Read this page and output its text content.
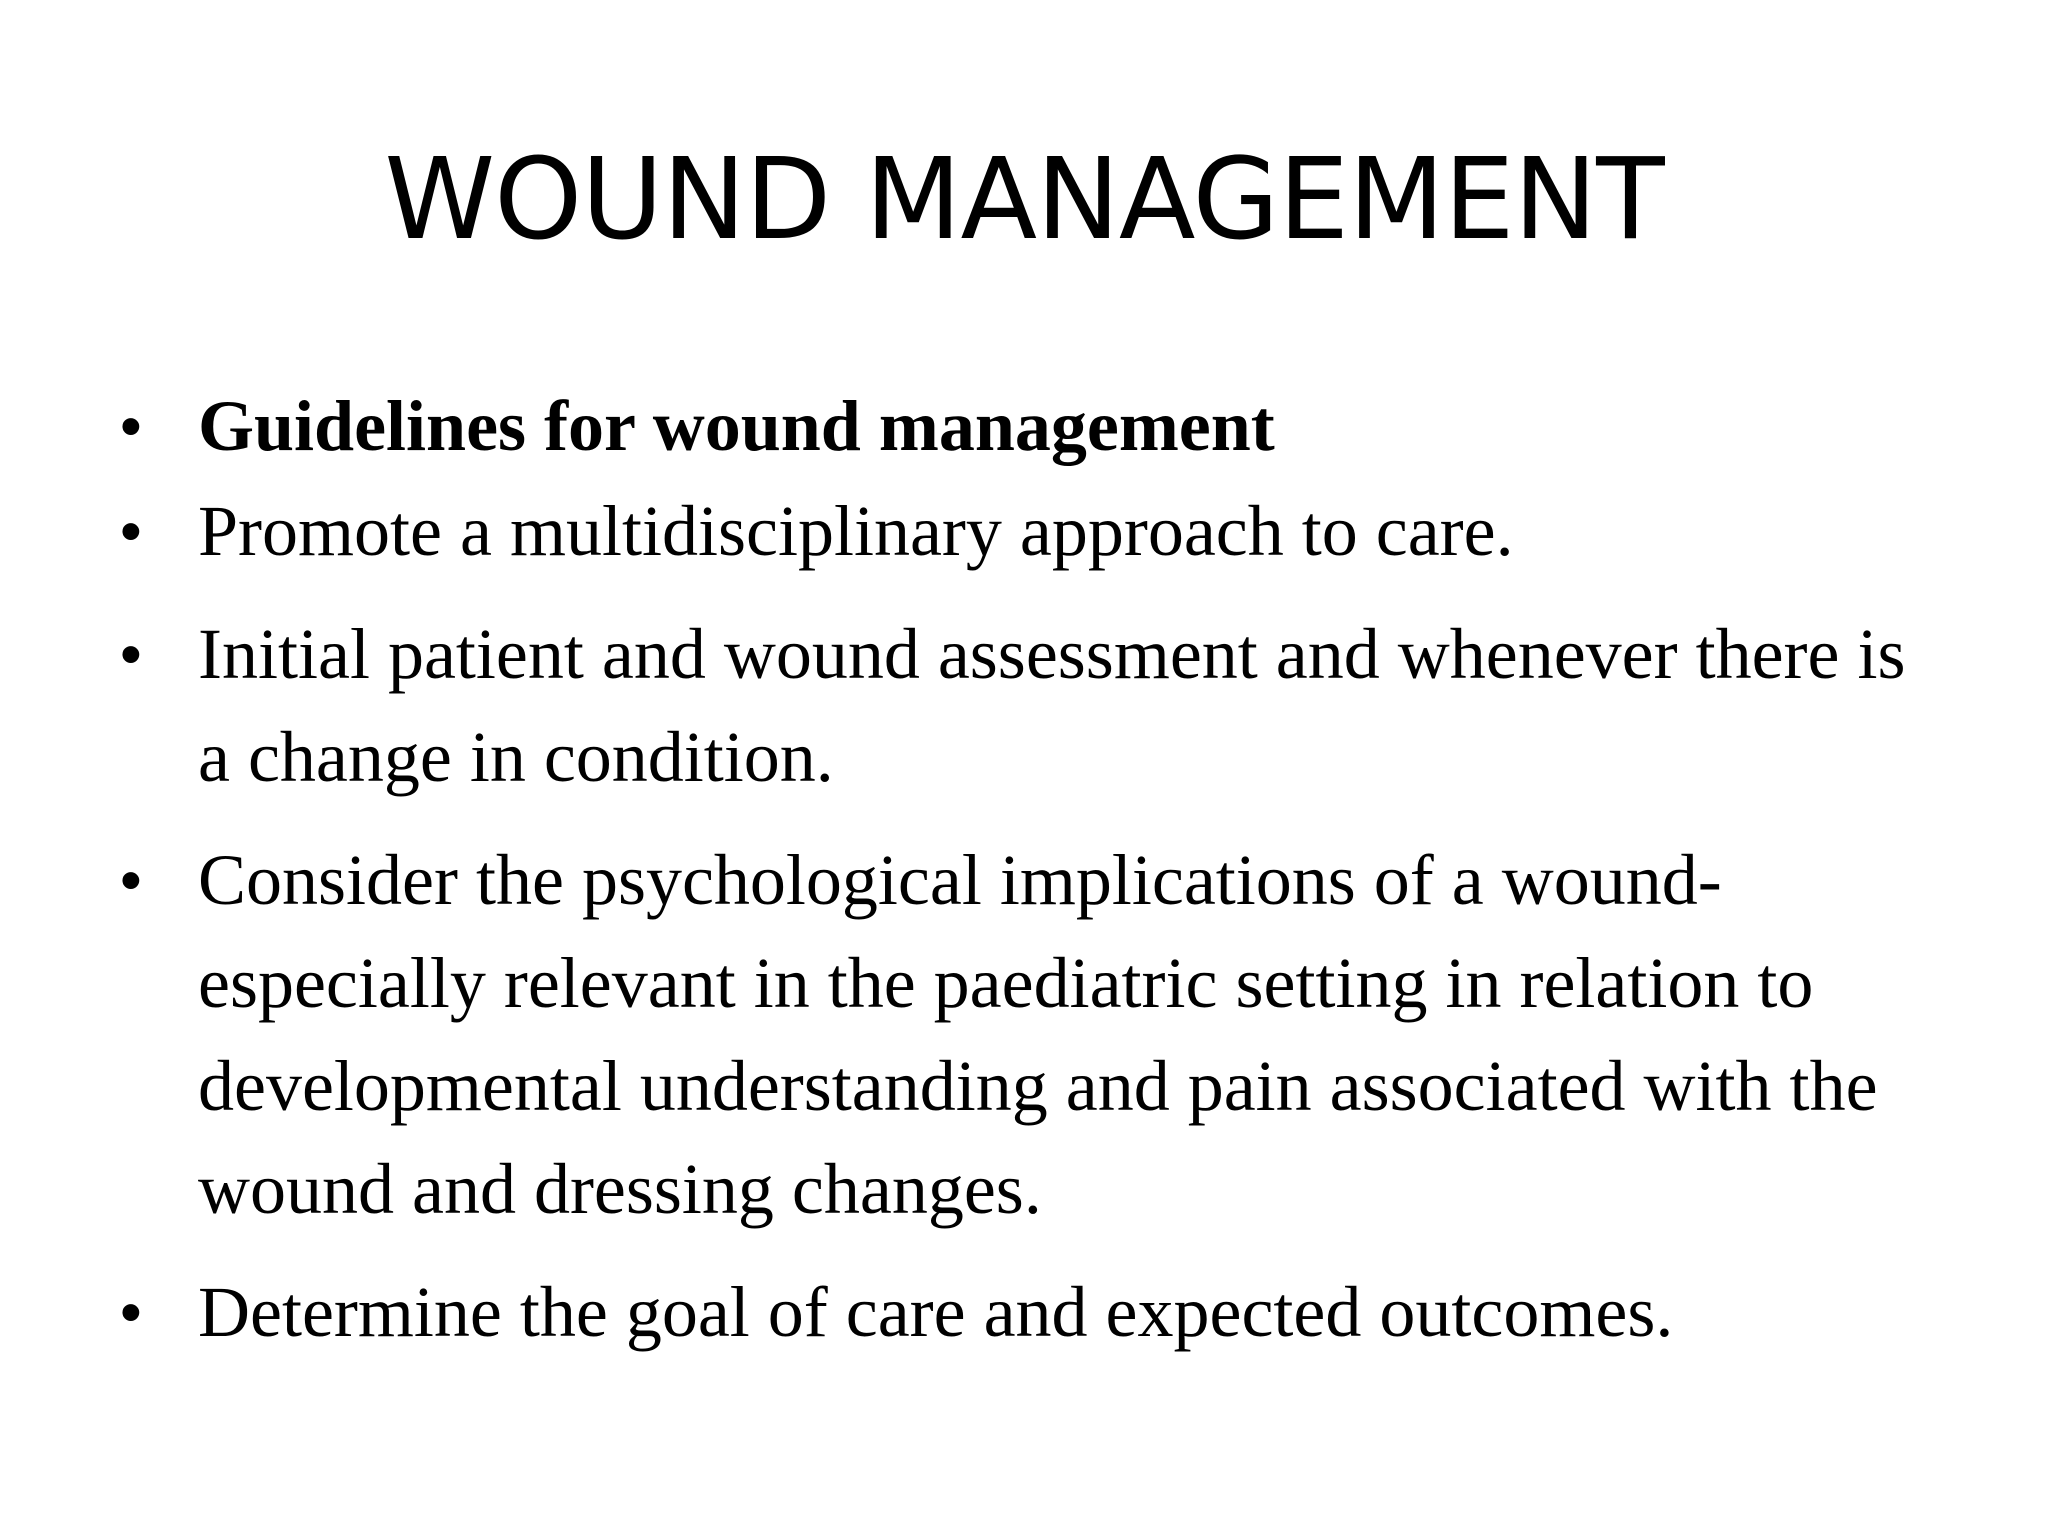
WOUND MANAGEMENT
• Guidelines for wound management
• Promote a multidisciplinary approach to care.
• Initial patient and wound assessment and whenever there is a change in condition.
• Consider the psychological implications of a wound- especially relevant in the paediatric setting in relation to developmental understanding and pain associated with the wound and dressing changes.
• Determine the goal of care and expected outcomes.
